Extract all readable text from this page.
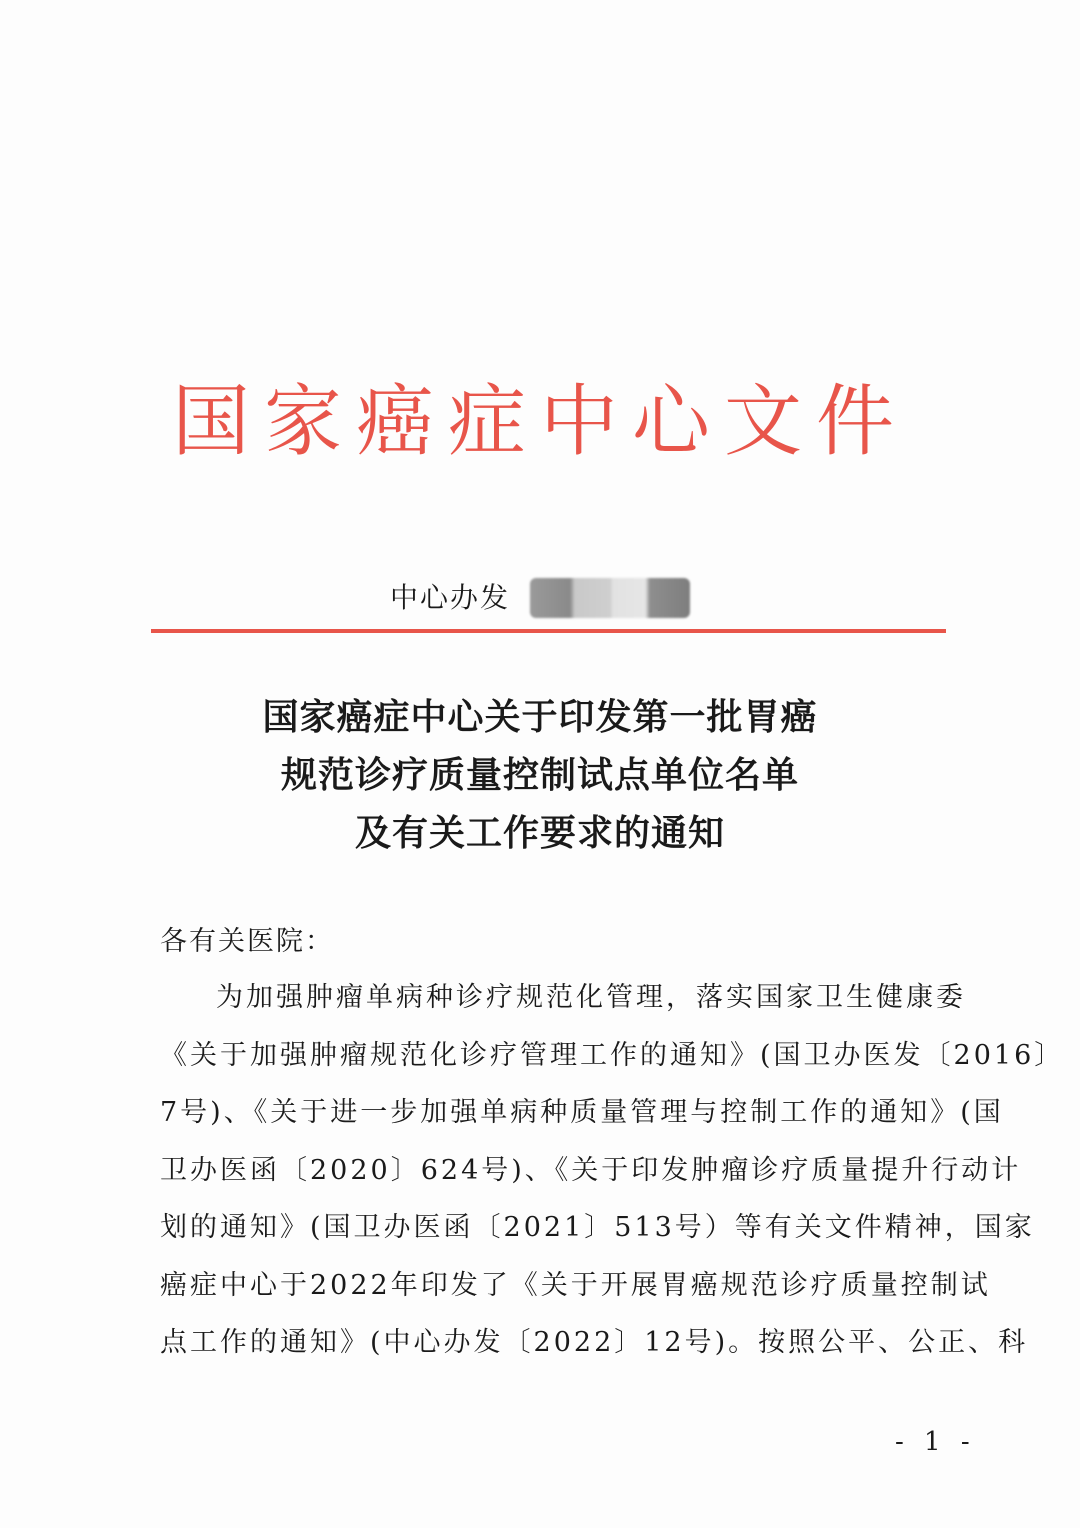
国家癌症中心文件
中心办发
国家癌症中心关于印发第一批胃癌
规范诊疗质量控制试点单位名单
及有关工作要求的通知
各有关医院：
为加强肿瘤单病种诊疗规范化管理，落实国家卫生健康委
《关于加强肿瘤规范化诊疗管理工作的通知》(国卫办医发〔2016〕
7号)、《关于进一步加强单病种质量管理与控制工作的通知》(国
卫办医函〔2020〕624号)、《关于印发肿瘤诊疗质量提升行动计
划的通知》(国卫办医函〔2021〕513号）等有关文件精神，国家
癌症中心于2022年印发了《关于开展胃癌规范诊疗质量控制试
点工作的通知》(中心办发〔2022〕12号)。按照公平、公正、科
- 1 -
